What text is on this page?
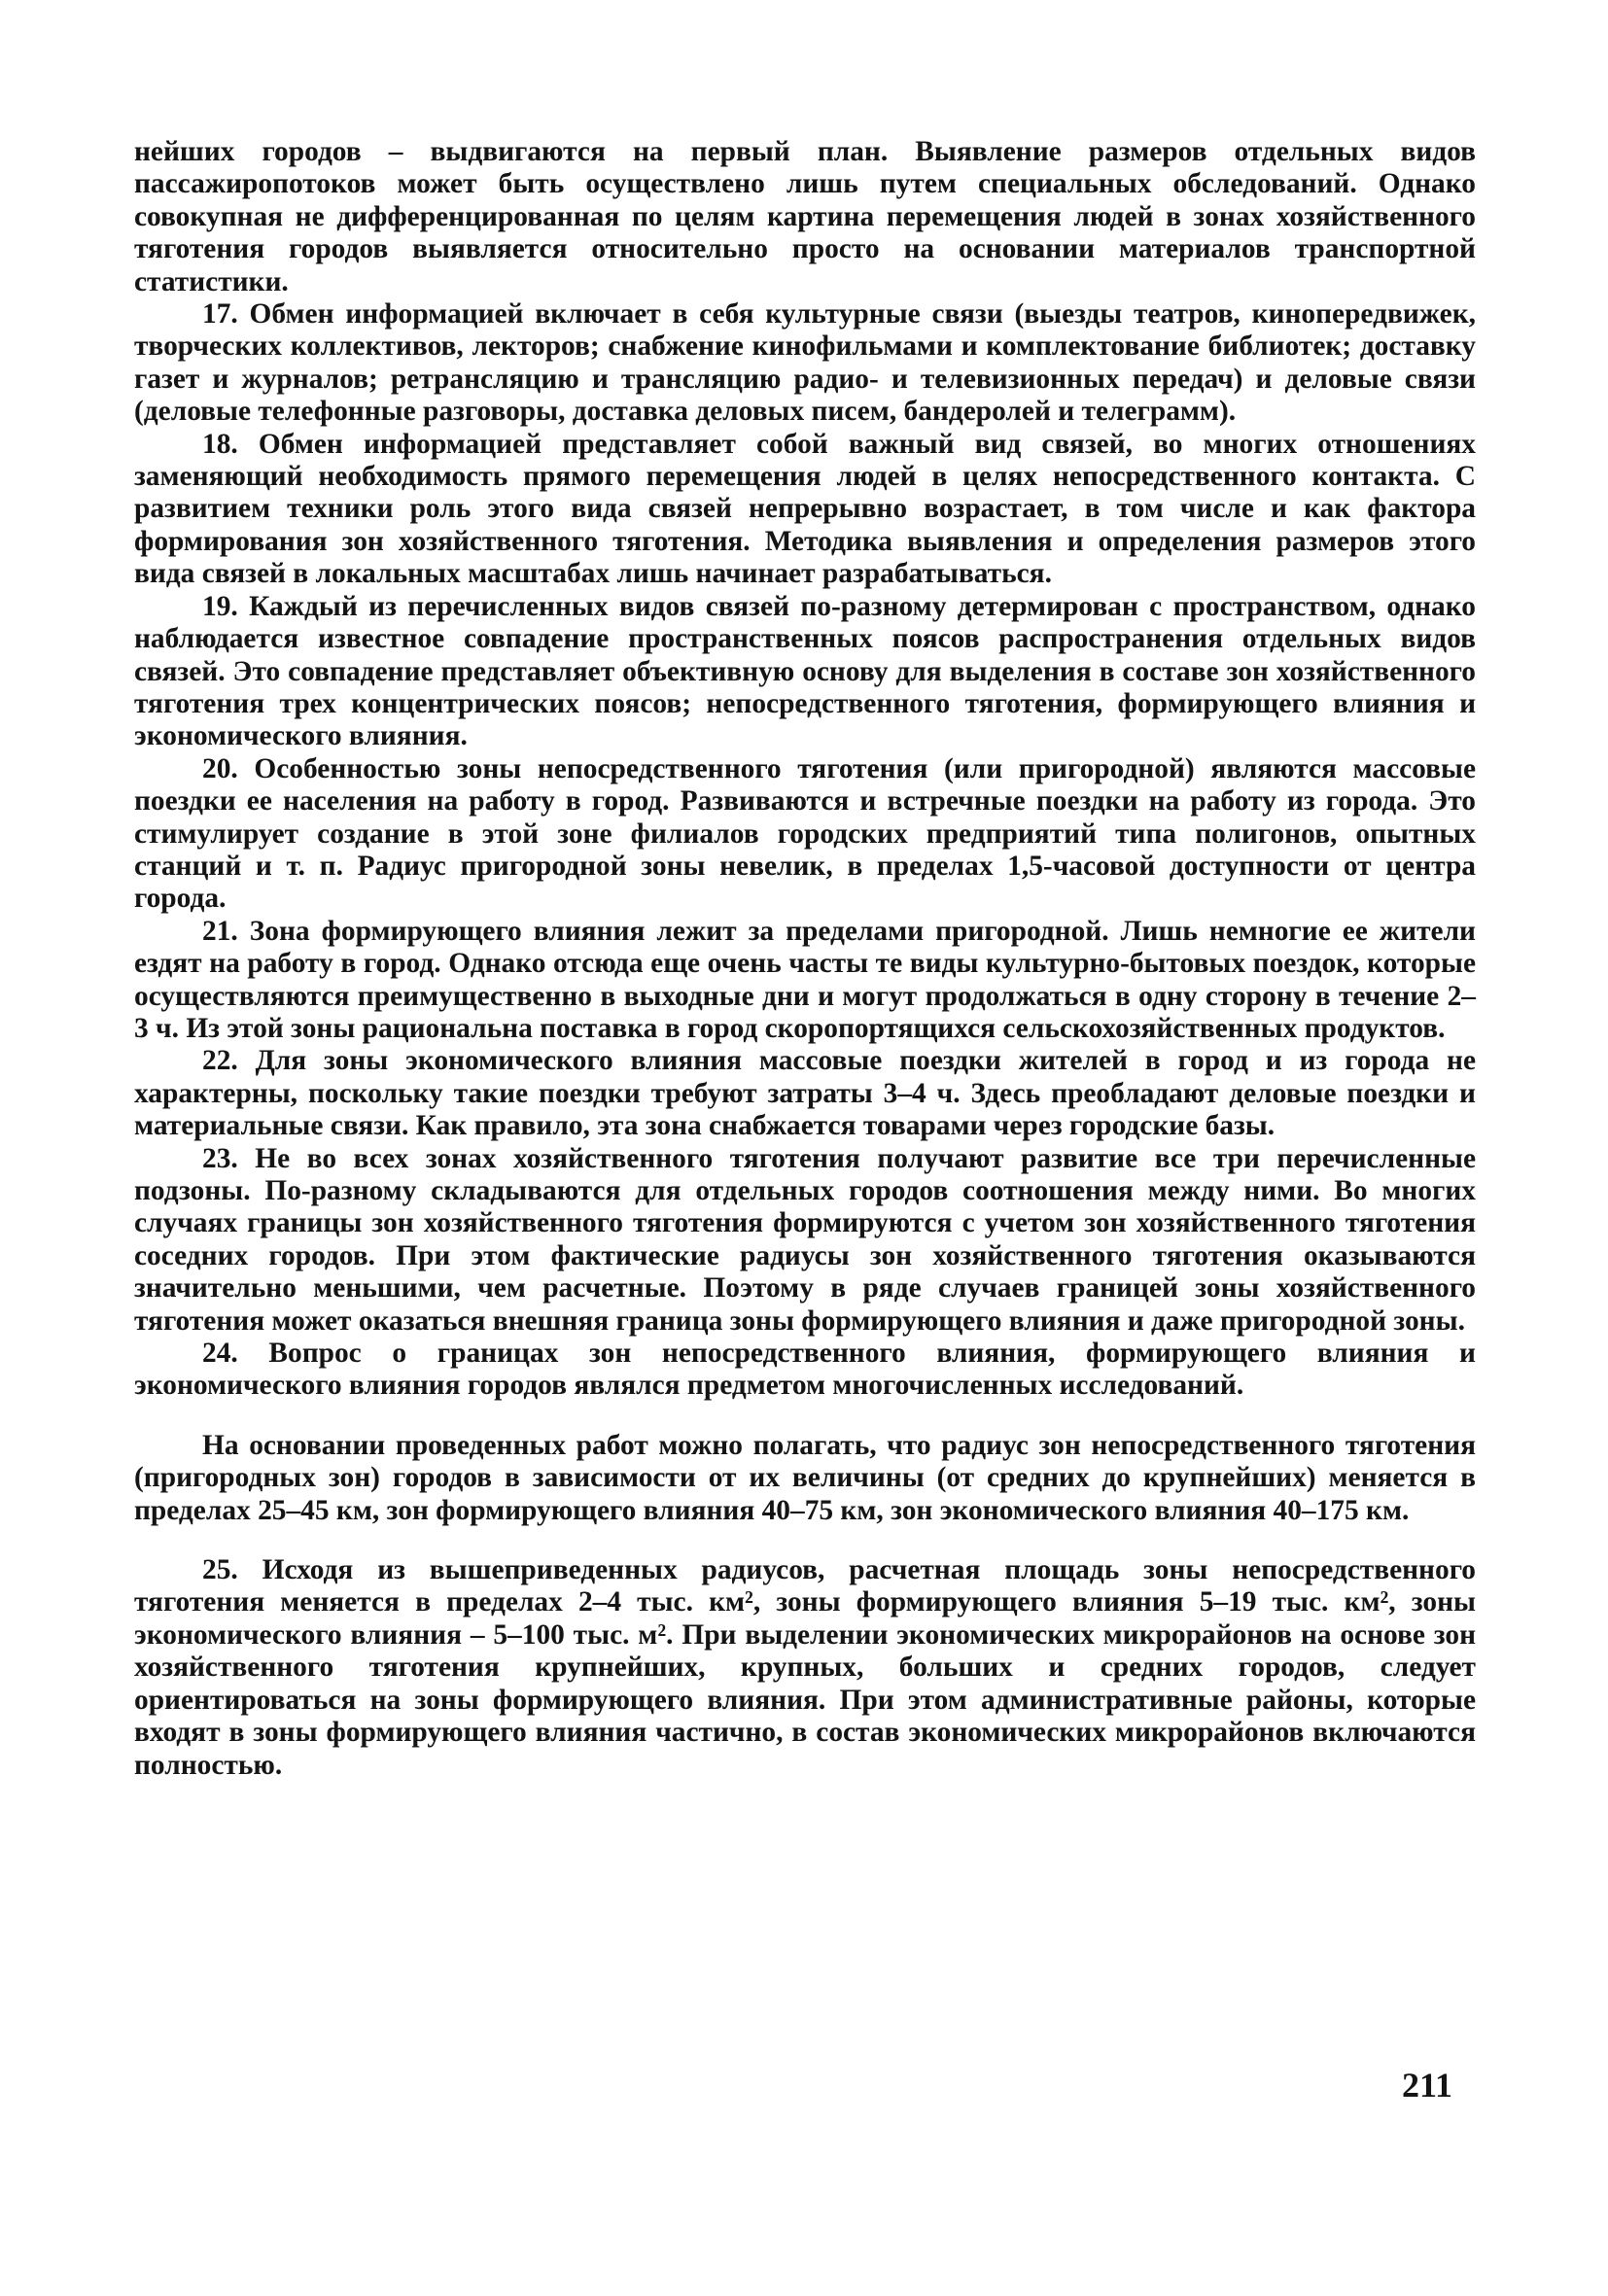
нейших городов – выдвигаются на первый план. Выявление размеров отдельных видов пассажиропотоков может быть осуществлено лишь путем специальных обследований. Однако совокупная не дифференцированная по целям картина перемещения людей в зонах хозяйственного тяготения городов выявляется относительно просто на основании материалов транспортной статистики.

17. Обмен информацией включает в себя культурные связи (выезды театров, кинопередвижек, творческих коллективов, лекторов; снабжение кинофильмами и комплектование библиотек; доставку газет и журналов; ретрансляцию и трансляцию радио- и телевизионных передач) и деловые связи (деловые телефонные разговоры, доставка деловых писем, бандеролей и телеграмм).

18. Обмен информацией представляет собой важный вид связей, во многих отношениях заменяющий необходимость прямого перемещения людей в целях непосредственного контакта. С развитием техники роль этого вида связей непрерывно возрастает, в том числе и как фактора формирования зон хозяйственного тяготения. Методика выявления и определения размеров этого вида связей в локальных масштабах лишь начинает разрабатываться.

19. Каждый из перечисленных видов связей по-разному детермирован с пространством, однако наблюдается известное совпадение пространственных поясов распространения отдельных видов связей. Это совпадение представляет объективную основу для выделения в составе зон хозяйственного тяготения трех концентрических поясов; непосредственного тяготения, формирующего влияния и экономического влияния.

20. Особенностью зоны непосредственного тяготения (или пригородной) являются массовые поездки ее населения на работу в город. Развиваются и встречные поездки на работу из города. Это стимулирует создание в этой зоне филиалов городских предприятий типа полигонов, опытных станций и т. п. Радиус пригородной зоны невелик, в пределах 1,5-часовой доступности от центра города.

21. Зона формирующего влияния лежит за пределами пригородной. Лишь немногие ее жители ездят на работу в город. Однако отсюда еще очень часты те виды культурно-бытовых поездок, которые осуществляются преимущественно в выходные дни и могут продолжаться в одну сторону в течение 2–3 ч. Из этой зоны рациональна поставка в город скоропортящихся сельскохозяйственных продуктов.

22. Для зоны экономического влияния массовые поездки жителей в город и из города не характерны, поскольку такие поездки требуют затраты 3–4 ч. Здесь преобладают деловые поездки и материальные связи. Как правило, эта зона снабжается товарами через городские базы.

23. Не во всех зонах хозяйственного тяготения получают развитие все три перечисленные подзоны. По-разному складываются для отдельных городов соотношения между ними. Во многих случаях границы зон хозяйственного тяготения формируются с учетом зон хозяйственного тяготения соседних городов. При этом фактические радиусы зон хозяйственного тяготения оказываются значительно меньшими, чем расчетные. Поэтому в ряде случаев границей зоны хозяйственного тяготения может оказаться внешняя граница зоны формирующего влияния и даже пригородной зоны.

24. Вопрос о границах зон непосредственного влияния, формирующего влияния и экономического влияния городов являлся предметом многочисленных исследований.

На основании проведенных работ можно полагать, что радиус зон непосредственного тяготения (пригородных зон) городов в зависимости от их величины (от средних до крупнейших) меняется в пределах 25–45 км, зон формирующего влияния 40–75 км, зон экономического влияния 40–175 км.

25. Исходя из вышеприведенных радиусов, расчетная площадь зоны непосредственного тяготения меняется в пределах 2–4 тыс. км², зоны формирующего влияния 5–19 тыс. км², зоны экономического влияния – 5–100 тыс. м². При выделении экономических микрорайонов на основе зон хозяйственного тяготения крупнейших, крупных, больших и средних городов, следует ориентироваться на зоны формирующего влияния. При этом административные районы, которые входят в зоны формирующего влияния частично, в состав экономических микрорайонов включаются полностью.

211
